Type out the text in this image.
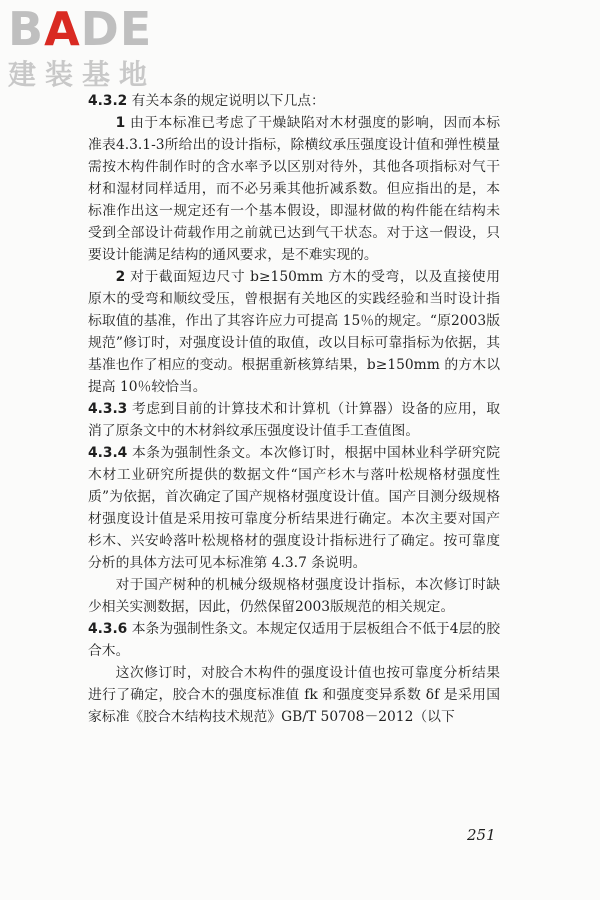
BADE
建装基地

4.3.2 有关本条的规定说明以下几点：

1 由于本标准已考虑了干燥缺陷对木材强度的影响，因而本标准表4.3.1-3所给出的设计指标，除横纹承压强度设计值和弹性模量需按木构件制作时的含水率予以区别对待外，其他各项指标对气干材和湿材同样适用，而不必另乘其他折减系数。但应指出的是，本标准作出这一规定还有一个基本假设，即湿材做的构件能在结构未受到全部设计荷载作用之前就已达到气干状态。对于这一假设，只要设计能满足结构的通风要求，是不难实现的。

2 对于截面短边尺寸 b≥150mm 方木的受弯，以及直接使用原木的受弯和顺纹受压，曾根据有关地区的实践经验和当时设计指标取值的基准，作出了其容许应力可提高 15％的规定。“原2003版规范”修订时，对强度设计值的取值，改以目标可靠指标为依据，其基准也作了相应的变动。根据重新核算结果，b≥150mm 的方木以提高 10％较恰当。

4.3.3 考虑到目前的计算技术和计算机（计算器）设备的应用，取消了原条文中的木材斜纹承压强度设计值手工查值图。

4.3.4 本条为强制性条文。本次修订时，根据中国林业科学研究院木材工业研究所提供的数据文件“国产杉木与落叶松规格材强度性质”为依据，首次确定了国产规格材强度设计值。国产目测分级规格材强度设计值是采用按可靠度分析结果进行确定。本次主要对国产杉木、兴安岭落叶松规格材的强度设计指标进行了确定。按可靠度分析的具体方法可见本标准第 4.3.7 条说明。

对于国产树种的机械分级规格材强度设计指标，本次修订时缺少相关实测数据，因此，仍然保留2003版规范的相关规定。

4.3.6 本条为强制性条文。本规定仅适用于层板组合不低于4层的胶合木。

这次修订时，对胶合木构件的强度设计值也按可靠度分析结果进行了确定，胶合木的强度标准值 fk 和强度变异系数 δf 是采用国家标准《胶合木结构技术规范》GB/T 50708－2012（以下

251
